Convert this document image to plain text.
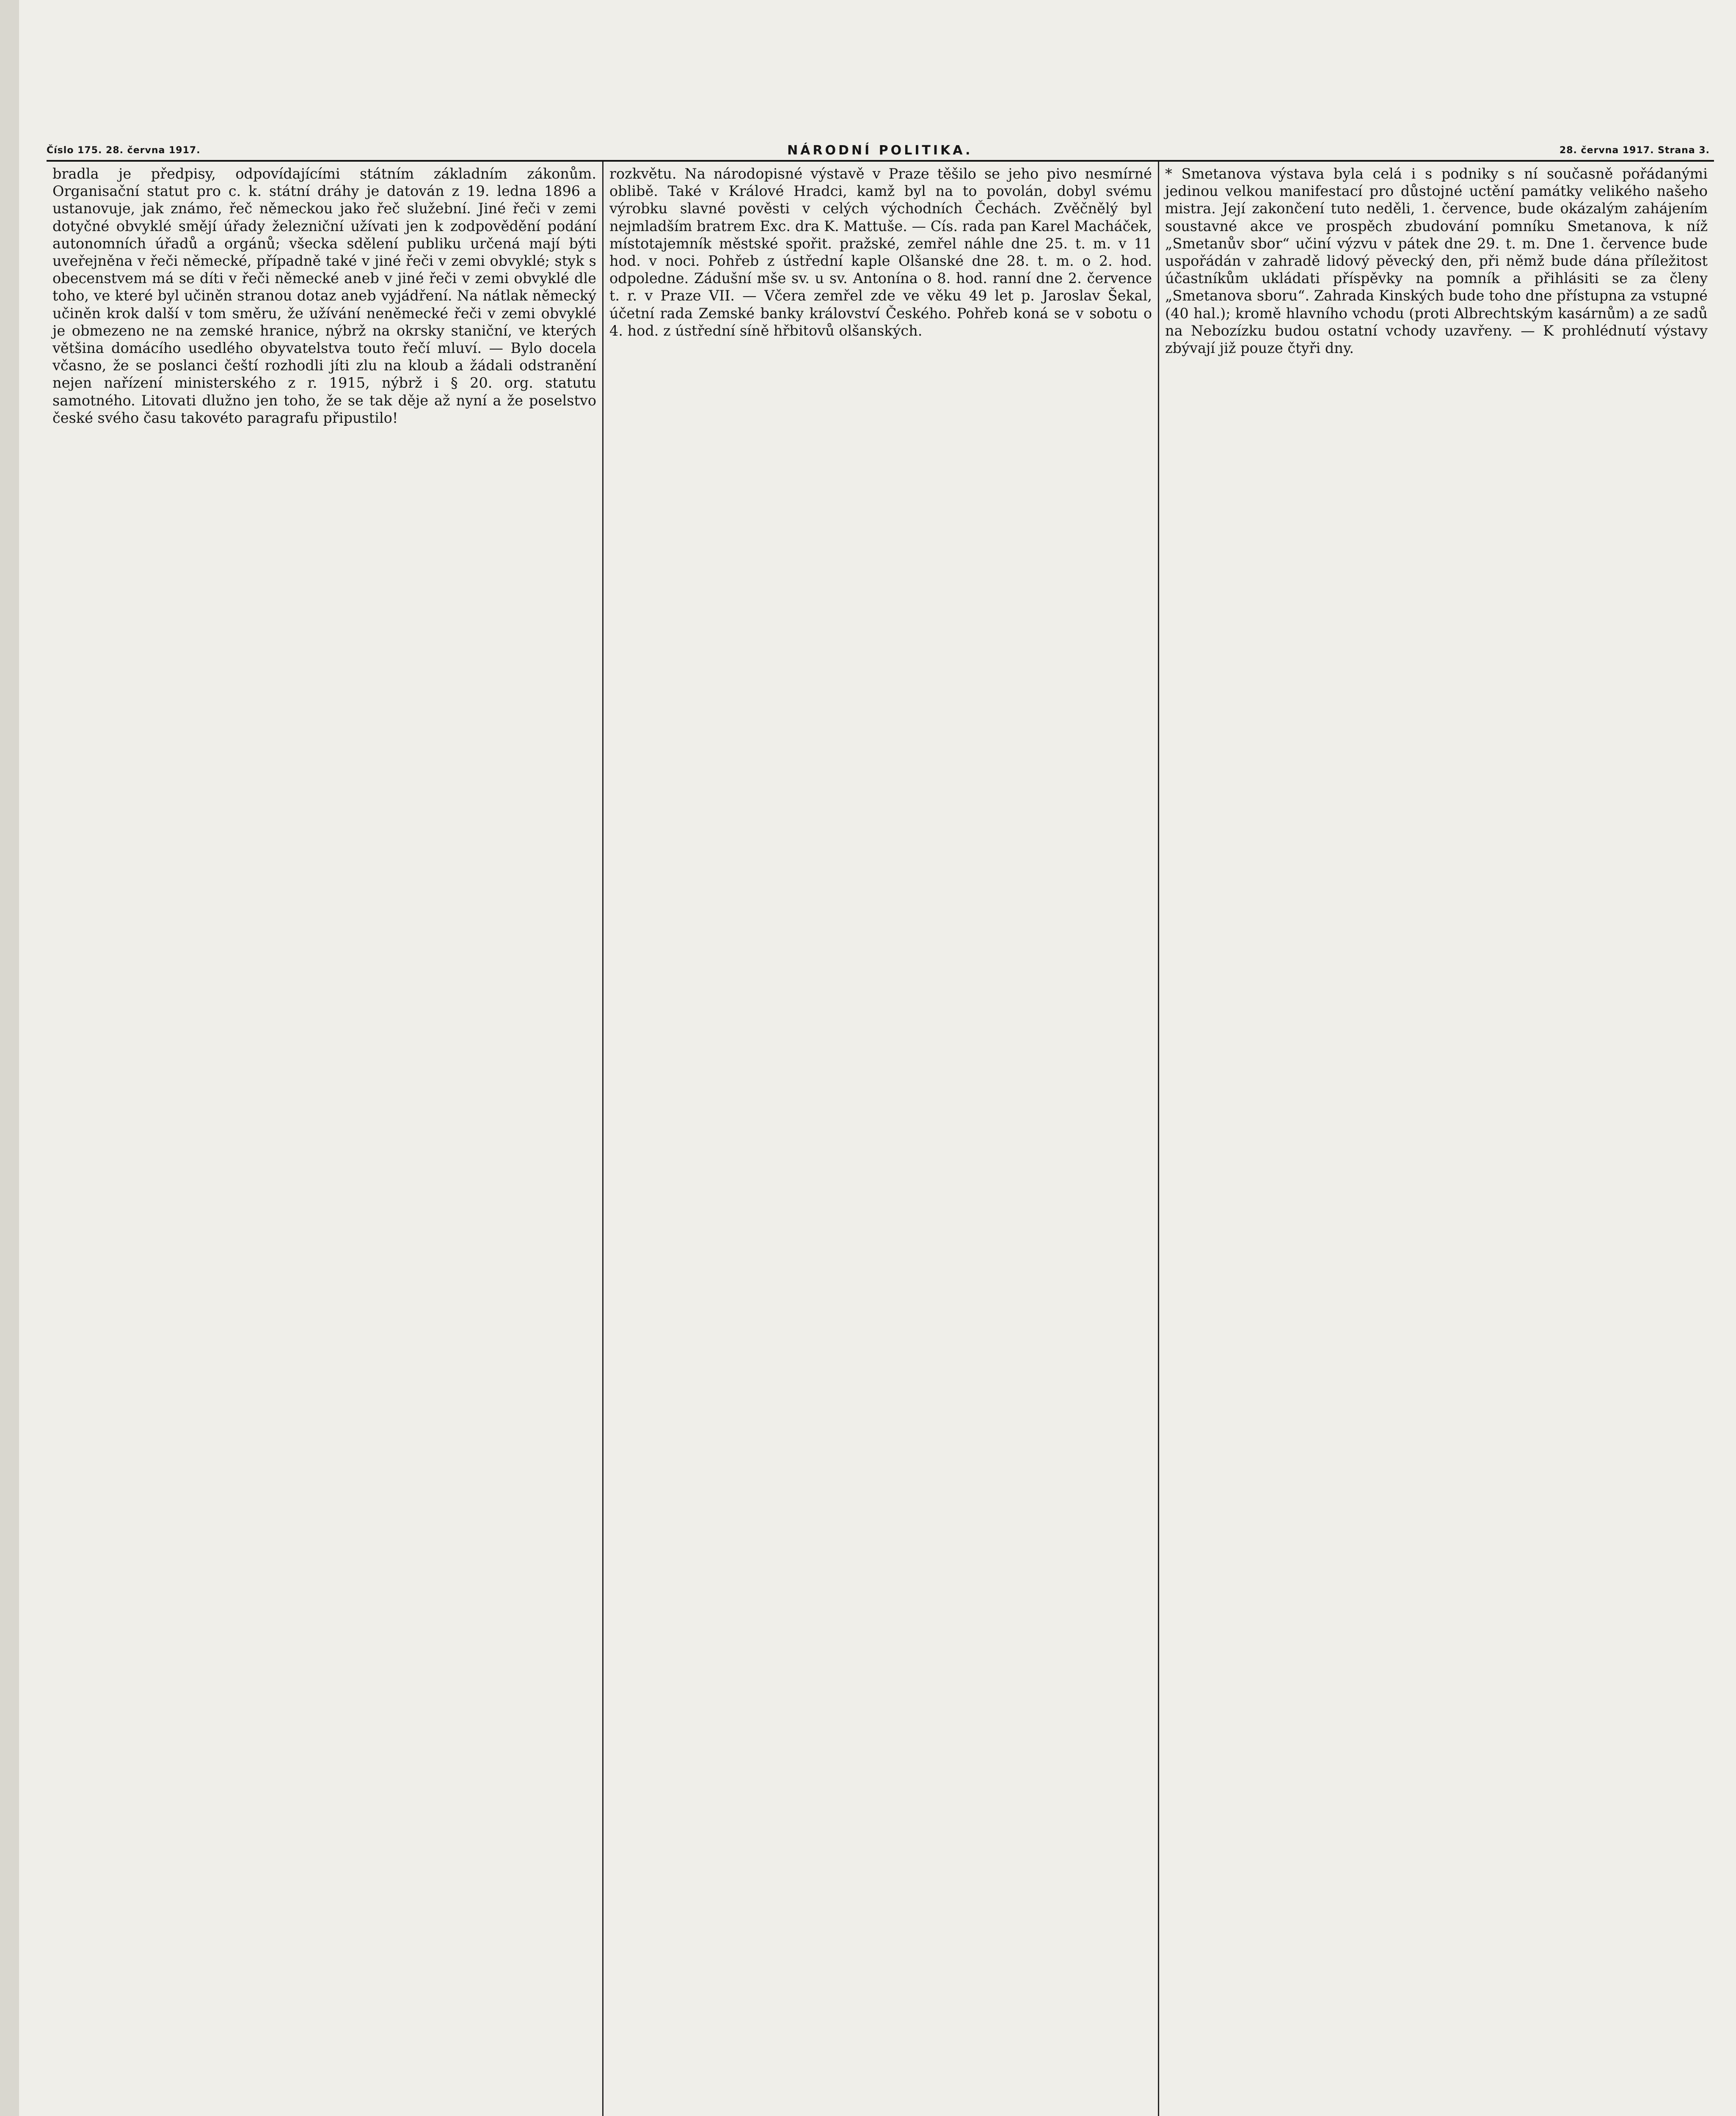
Číslo 175. 28. června 1917.	NÁRODNÍ POLITIKA.	28. června 1917. Strana 3.
bradla je předpisy, odpovídajícími státním základním zákonům. Organisační statut pro c. k. státní dráhy je datován z 19. ledna 1896 a ustanovuje, jak známo, řeč německou jako řeč služební. Jiné řeči v zemi dotyčné obvyklé smějí úřady železniční užívati jen k zodpovědění podání autonomních úřadů a orgánů; všecka sdělení publiku určená mají býti uveřejněna v řeči německé, případně také v jiné řeči v zemi obvyklé; styk s obecenstvem má se díti v řeči německé aneb v jiné řeči v zemi obvyklé dle toho, ve které byl učiněn stranou dotaz aneb vyjádření. Na nátlak německý učiněn krok další v tom směru, že užívání neněmecké řeči v zemi obvyklé je obmezeno ne na zemské hranice, nýbrž na okrsky staniční, ve kterých většina domácího usedlého obyvatelstva touto řečí mluví. — Bylo docela včasno, že se poslanci čeští rozhodli jíti zlu na kloub a žádali odstranění nejen nařízení ministerského z r. 1915, nýbrž i § 20. org. statutu samotného. Litovati dlužno jen toho, že se tak děje až nyní a že poselstvo české svého času takovéto paragrafu připustilo!
rozkvětu. Na národopisné výstavě v Praze těšilo se jeho pivo nesmírné oblibě. Také v Králové Hradci, kamž byl na to povolán, dobyl svému výrobku slavné pověsti v celých východních Čechách. Zvěčnělý byl nejmladším bratrem Exc. dra K. Mattuše. — Cís. rada pan Karel Macháček, místotajemník městské spořit. pražské, zemřel náhle dne 25. t. m. v 11 hod. v noci. Pohřeb z ústřední kaple Olšanské dne 28. t. m. o 2. hod. odpoledne. Zádušní mše sv. u sv. Antonína o 8. hod. ranní dne 2. července t. r. v Praze VII. — Včera zemřel zde ve věku 49 let p. Jaroslav Šekal, účetní rada Zemské banky království Českého. Pohřeb koná se v sobotu o 4. hod. z ústřední síně hřbitovů olšanských.
* Smetanova výstava byla celá i s podniky s ní současně pořádanými jedinou velkou manifestací pro důstojné uctění památky velikého našeho mistra. Její zakončení tuto neděli, 1. července, bude okázalým zahájením soustavné akce ve prospěch zbudování pomníku Smetanova, k níž „Smetanův sbor“ učiní výzvu v pátek dne 29. t. m. Dne 1. července bude uspořádán v zahradě lidový pěvecký den, při němž bude dána příležitost účastníkům ukládati příspěvky na pomník a přihlásiti se za členy „Smetanova sboru“. Zahrada Kinských bude toho dne přístupna za vstupné (40 hal.); kromě hlavního vchodu (proti Albrechtským kasárnům) a ze sadů na Nebozízku budou ostatní vchody uzavřeny. — K prohlédnutí výstavy zbývají již pouze čtyři dny.
